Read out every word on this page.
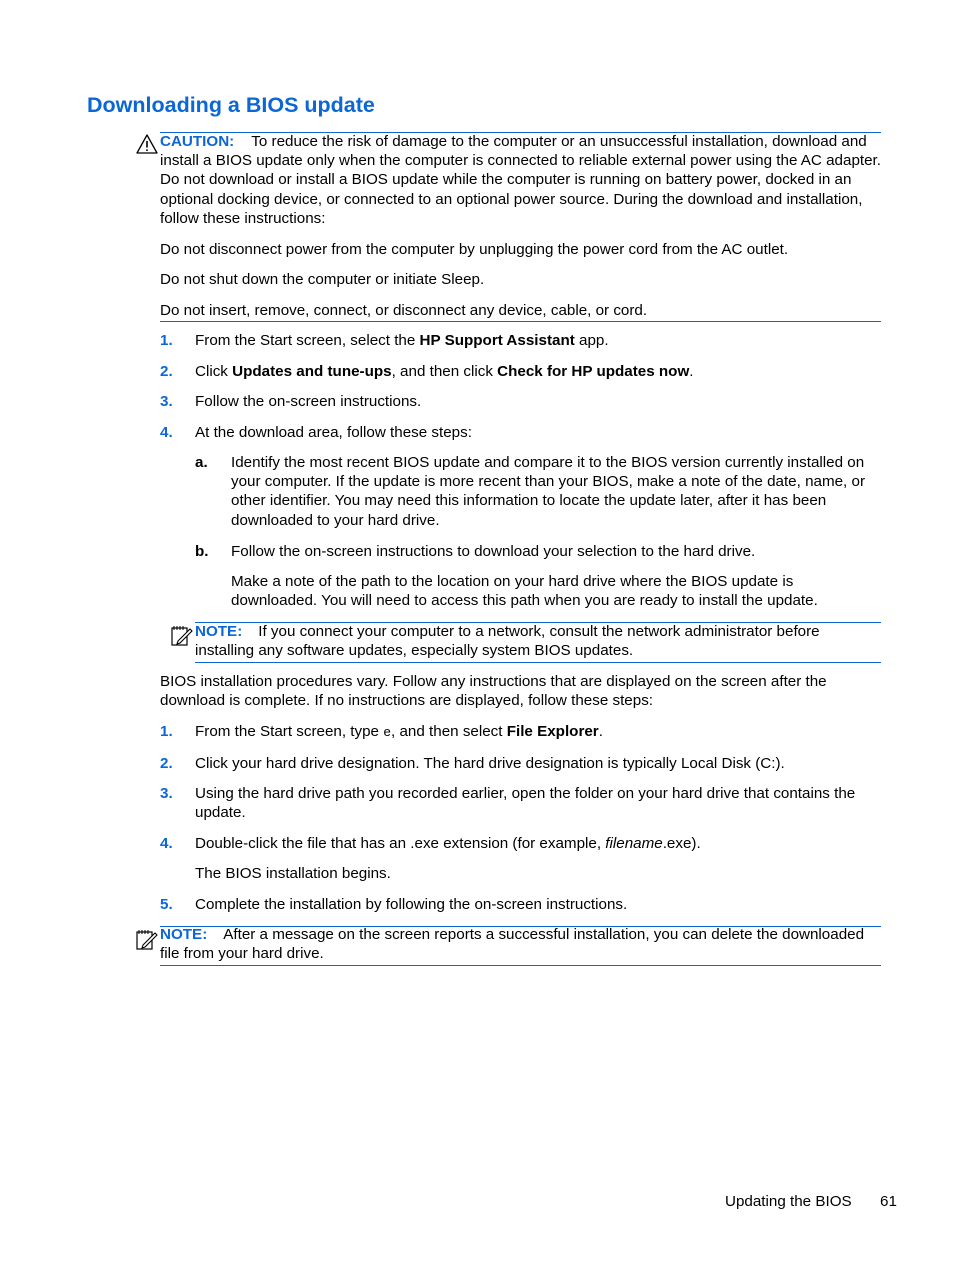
Downloading a BIOS update

CAUTION: To reduce the risk of damage to the computer or an unsuccessful installation, download and install a BIOS update only when the computer is connected to reliable external power using the AC adapter. Do not download or install a BIOS update while the computer is running on battery power, docked in an optional docking device, or connected to an optional power source. During the download and installation, follow these instructions:

Do not disconnect power from the computer by unplugging the power cord from the AC outlet.

Do not shut down the computer or initiate Sleep.

Do not insert, remove, connect, or disconnect any device, cable, or cord.

1. From the Start screen, select the HP Support Assistant app.

2. Click Updates and tune-ups, and then click Check for HP updates now.

3. Follow the on-screen instructions.

4. At the download area, follow these steps:

a. Identify the most recent BIOS update and compare it to the BIOS version currently installed on your computer. If the update is more recent than your BIOS, make a note of the date, name, or other identifier. You may need this information to locate the update later, after it has been downloaded to your hard drive.

b. Follow the on-screen instructions to download your selection to the hard drive.

Make a note of the path to the location on your hard drive where the BIOS update is downloaded. You will need to access this path when you are ready to install the update.

NOTE: If you connect your computer to a network, consult the network administrator before installing any software updates, especially system BIOS updates.

BIOS installation procedures vary. Follow any instructions that are displayed on the screen after the download is complete. If no instructions are displayed, follow these steps:

1. From the Start screen, type e, and then select File Explorer.

2. Click your hard drive designation. The hard drive designation is typically Local Disk (C:).

3. Using the hard drive path you recorded earlier, open the folder on your hard drive that contains the update.

4. Double-click the file that has an .exe extension (for example, filename.exe).

The BIOS installation begins.

5. Complete the installation by following the on-screen instructions.

NOTE: After a message on the screen reports a successful installation, you can delete the downloaded file from your hard drive.

Updating the BIOS 61
